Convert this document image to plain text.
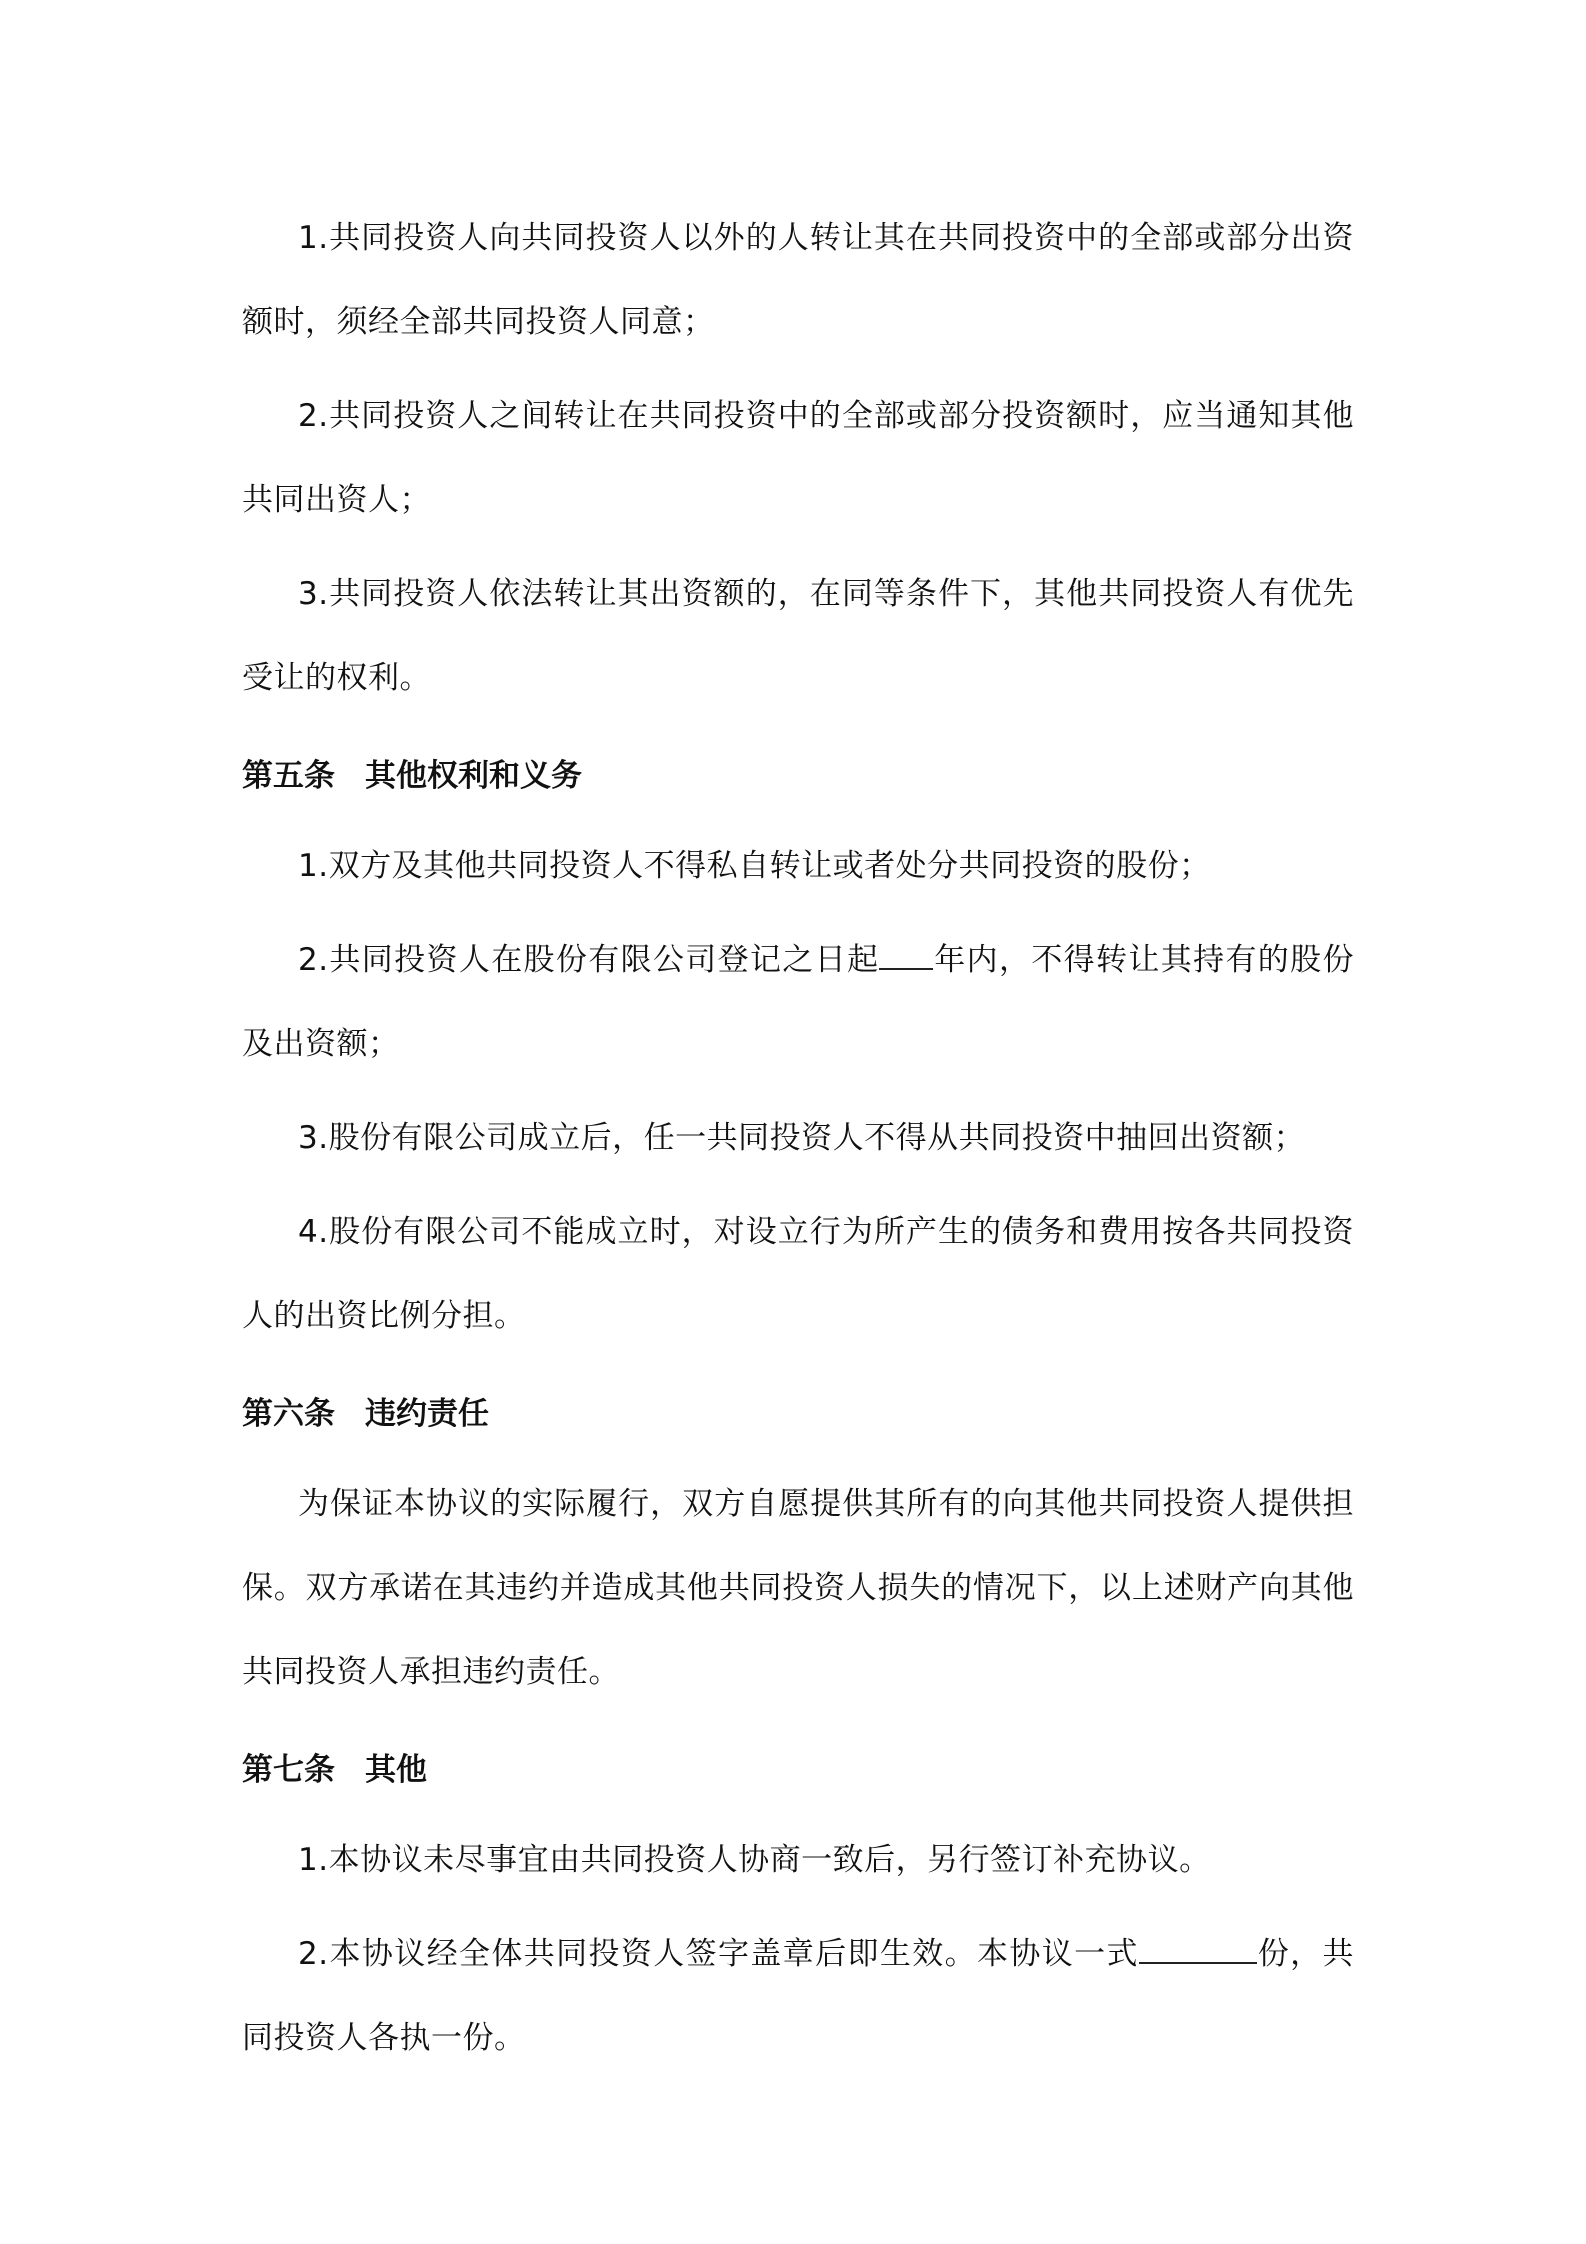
1.共同投资人向共同投资人以外的人转让其在共同投资中的全部或部分出资额时，须经全部共同投资人同意；

2.共同投资人之间转让在共同投资中的全部或部分投资额时，应当通知其他共同出资人；

3.共同投资人依法转让其出资额的，在同等条件下，其他共同投资人有优先受让的权利。

第五条 其他权利和义务

1.双方及其他共同投资人不得私自转让或者处分共同投资的股份；

2.共同投资人在股份有限公司登记之日起 年内，不得转让其持有的股份及出资额；

3.股份有限公司成立后，任一共同投资人不得从共同投资中抽回出资额；

4.股份有限公司不能成立时，对设立行为所产生的债务和费用按各共同投资人的出资比例分担。

第六条 违约责任

为保证本协议的实际履行，双方自愿提供其所有的向其他共同投资人提供担保。双方承诺在其违约并造成其他共同投资人损失的情况下，以上述财产向其他共同投资人承担违约责任。

第七条 其他

1.本协议未尽事宜由共同投资人协商一致后，另行签订补充协议。

2.本协议经全体共同投资人签字盖章后即生效。本协议一式	份，共同投资人各执一份。
